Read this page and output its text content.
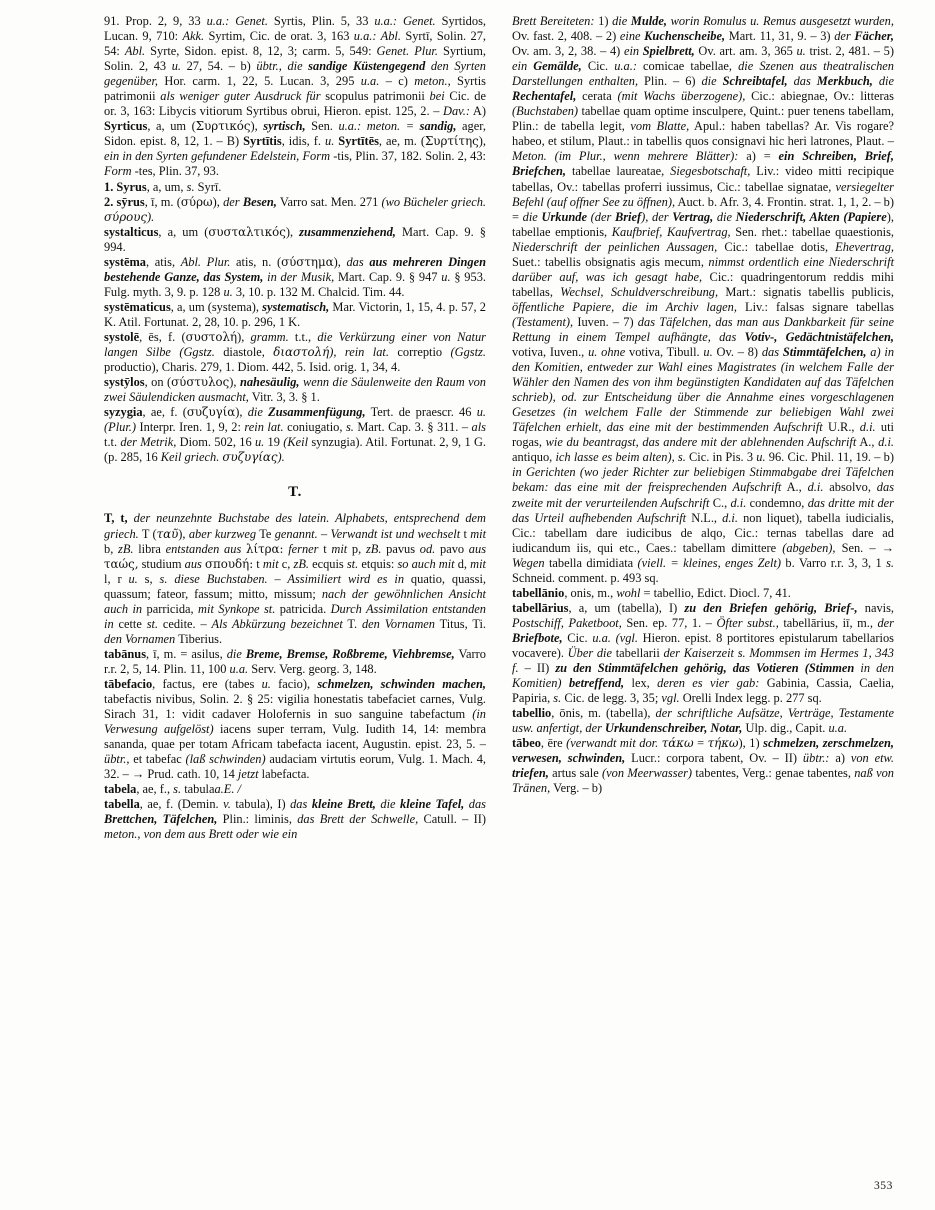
91. Prop. 2, 9, 33 u.a.: Genet. Syrtis, Plin. 5, 33 u.a.: Genet. Syrtidos, Lucan. 9, 710: Akk. Syrtim, Cic. de orat. 3, 163 u.a.: Abl. Syrtī, Solin. 27, 54: Abl. Syrte, Sidon. epist. 8, 12, 3; carm. 5, 549: Genet. Plur. Syrtium, Solin. 2, 43 u. 27, 54. – b) übtr., die sandige Küstengegend den Syrten gegenüber, Hor. carm. 1, 22, 5. Lucan. 3, 295 u.a. – c) meton., Syrtis patrimonii als weniger guter Ausdruck für scopulus patrimonii bei Cic. de or. 3, 163: Libycis vitiorum Syrtibus obrui, Hieron. epist. 125, 2. – Dav.: A) Syrticus, a, um (Συρτικός), syrtisch, Sen. u.a.: meton. = sandig, ager, Sidon. epist. 8, 12, 1. – B) Syrtītis, idis, f. u. Syrtītēs, ae, m. (Συρτίτης), ein in den Syrten gefundener Edelstein, Form -tis, Plin. 37, 182. Solin. 2, 43: Form -tes, Plin. 37, 93.

1. Syrus, a, um, s. Syrī.

2. sȳrus, ī, m. (σύρω), der Besen, Varro sat. Men. 271 (wo Bücheler griech. σύρους).

systalticus, a, um (συσταλτικός), zusammenziehend, Mart. Cap. 9. § 994.

systēma, atis, Abl. Plur. atis, n. (σύστημα), das aus mehreren Dingen bestehende Ganze, das System, in der Musik, Mart. Cap. 9. § 947 u. § 953. Fulg. myth. 3, 9. p. 128 u. 3, 10. p. 132 M. Chalcid. Tim. 44.

systēmaticus, a, um (systema), systematisch, Mar. Victorin, 1, 15, 4. p. 57, 2 K. Atil. Fortunat. 2, 28, 10. p. 296, 1 K.

systolē, ēs, f. (συστολή), gramm. t.t., die Verkürzung einer von Natur langen Silbe (Ggstz. diastole, διαστολή), rein lat. correptio (Ggstz. productio), Charis. 279, 1. Diom. 442, 5. Isid. orig. 1, 34, 4.

systȳlos, on (σύστυλος), nahesäulig, wenn die Säulenweite den Raum von zwei Säulendicken ausmacht, Vitr. 3, 3. § 1.

syzygia, ae, f. (συζυγία), die Zusammenfügung, Tert. de praescr. 46 u. (Plur.) Interpr. Iren. 1, 9, 2: rein lat. coniugatio, s. Mart. Cap. 3. § 311. – als t.t. der Metrik, Diom. 502, 16 u. 19 (Keil synzugia). Atil. Fortunat. 2, 9, 1 G. (p. 285, 16 Keil griech. συζυγίας).

T.

T, t, der neunzehnte Buchstabe des latein. Alphabets, entsprechend dem griech. T (ταῦ), aber kurzweg Te genannt. – Verwandt ist und wechselt t mit b, zB. libra entstanden aus λίτρα: ferner t mit p, zB. pavus od. pavo aus ταώς, studium aus σπουδή: t mit c, zB. ecquis st. etquis: so auch mit d, mit l, r u. s, s. diese Buchstaben. – Assimiliert wird es in quatio, quassi, quassum; fateor, fassum; mitto, missum; nach der gewöhnlichen Ansicht auch in parricida, mit Synkope st. patricida. Durch Assimilation entstanden in cette st. cedite. – Als Abkürzung bezeichnet T. den Vornamen Titus, Ti. den Vornamen Tiberius.

tabānus, ī, m. = asilus, die Breme, Bremse, Roßbreme, Viehbremse, Varro r.r. 2, 5, 14. Plin. 11, 100 u.a. Serv. Verg. georg. 3, 148.

tābefacio, factus, ere (tabes u. facio), schmelzen, schwinden machen, tabefactis nivibus, Solin. 2. § 25: vigilia honestatis tabefaciet carnes, Vulg. Sirach 31, 1: vidit cadaver Holofernis in suo sanguine tabefactum (in Verwesung aufgelöst) iacens super terram, Vulg. Iudith 14, 14: membra sananda, quae per totam Africam tabefacta iacent, Augustin. epist. 23, 5. – übtr., et tabefac (laß schwinden) audaciam virtutis eorum, Vulg. 1. Mach. 4, 32. – → Prud. cath. 10, 14 jetzt labefacta.

tabela, ae, f., s. tabulaa.E. /

tabella, ae, f. (Demin. v. tabula), I) das kleine Brett, die kleine Tafel, das Brettchen, Täfelchen, Plin.: liminis, das Brett der Schwelle, Catull. – II) meton., von dem aus Brett oder wie ein

Brett Bereiteten: 1) die Mulde, worin Romulus u. Remus ausgesetzt wurden, Ov. fast. 2, 408. – 2) eine Kuchenscheibe, Mart. 11, 31, 9. – 3) der Fächer, Ov. am. 3, 2, 38. – 4) ein Spielbrett, Ov. art. am. 3, 365 u. trist. 2, 481. – 5) ein Gemälde, Cic. u.a.: comicae tabellae, die Szenen aus theatralischen Darstellungen enthalten, Plin. – 6) die Schreibtafel, das Merkbuch, die Rechentafel, cerata (mit Wachs überzogene), Cic.: abiegnae, Ov.: litteras (Buchstaben) tabellae quam optime insculpere, Quint.: puer tenens tabellam, Plin.: de tabella legit, vom Blatte, Apul.: haben tabellas? Ar. Vis rogare? habeo, et stilum, Plaut.: in tabellis quos consignavi hic heri latrones, Plaut. – Meton. (im Plur., wenn mehrere Blätter): a) = ein Schreiben, Brief, Briefchen, tabellae laureatae, Siegesbotschaft, Liv.: video mitti recipique tabellas, Ov.: tabellas proferri iussimus, Cic.: tabellae signatae, versiegelter Befehl (auf offner See zu öffnen), Auct. b. Afr. 3, 4. Frontin. strat. 1, 1, 2. – b) = die Urkunde (der Brief), der Vertrag, die Niederschrift, Akten (Papiere), tabellae emptionis, Kaufbrief, Kaufvertrag, Sen. rhet.: tabellae quaestionis, Niederschrift der peinlichen Aussagen, Cic.: tabellae dotis, Ehevertrag, Suet.: tabellis obsignatis agis mecum, nimmst ordentlich eine Niederschrift darüber auf, was ich gesagt habe, Cic.: quadringentorum reddis mihi tabellas, Wechsel, Schuldverschreibung, Mart.: signatis tabellis publicis, öffentliche Papiere, die im Archiv lagen, Liv.: falsas signare tabellas (Testament), Iuven. – 7) das Täfelchen, das man aus Dankbarkeit für seine Rettung in einem Tempel aufhängte, das Votiv-, Gedächtnistäfelchen, votiva, Iuven., u. ohne votiva, Tibull. u. Ov. – 8) das Stimmtäfelchen, a) in den Komitien, entweder zur Wahl eines Magistrates (in welchem Falle der Wähler den Namen des von ihm begünstigten Kandidaten auf das Täfelchen schrieb), od. zur Entscheidung über die Annahme eines vorgeschlagenen Gesetzes (in welchem Falle der Stimmende zur beliebigen Wahl zwei Täfelchen erhielt, das eine mit der bestimmenden Aufschrift U.R., d.i. uti rogas, wie du beantragst, das andere mit der ablehnenden Aufschrift A., d.i. antiquo, ich lasse es beim alten), s. Cic. in Pis. 3 u. 96. Cic. Phil. 11, 19. – b) in Gerichten (wo jeder Richter zur beliebigen Stimmabgabe drei Täfelchen bekam: das eine mit der freisprechenden Aufschrift A., d.i. absolvo, das zweite mit der verurteilenden Aufschrift C., d.i. condemno, das dritte mit der das Urteil aufhebenden Aufschrift N.L., d.i. non liquet), tabella iudicialis, Cic.: tabellam dare iudicibus de alqo, Cic.: ternas tabellas dare ad iudicandum iis, qui etc., Caes.: tabellam dimittere (abgeben), Sen. – → Wegen tabella dimidiata (viell. = kleines, enges Zelt) b. Varro r.r. 3, 3, 1 s. Schneid. comment. p. 493 sq.

tabellānio, onis, m., wohl = tabellio, Edict. Diocl. 7, 41.

tabellārius, a, um (tabella), I) zu den Briefen gehörig, Brief-, navis, Postschiff, Paketboot, Sen. ep. 77, 1. – Öfter subst., tabellārius, iī, m., der Briefbote, Cic. u.a. (vgl. Hieron. epist. 8 portitores epistularum tabellarios vocavere). Über die tabellarii der Kaiserzeit s. Mommsen im Hermes 1, 343 f. – II) zu den Stimmtäfelchen gehörig, das Votieren (Stimmen in den Komitien) betreffend, lex, deren es vier gab: Gabinia, Cassia, Caelia, Papiria, s. Cic. de legg. 3, 35; vgl. Orelli Index legg. p. 277 sq.

tabellio, ōnis, m. (tabella), der schriftliche Aufsätze, Verträge, Testamente usw. anfertigt, der Urkundenschreiber, Notar, Ulp. dig., Capit. u.a.

tābeo, ēre (verwandt mit dor. τάκω = τήκω), 1) schmelzen, zerschmelzen, verwesen, schwinden, Lucr.: corpora tabent, Ov. – II) übtr.: a) von etw. triefen, artus sale (von Meerwasser) tabentes, Verg.: genae tabentes, naß von Tränen, Verg. – b)

353
